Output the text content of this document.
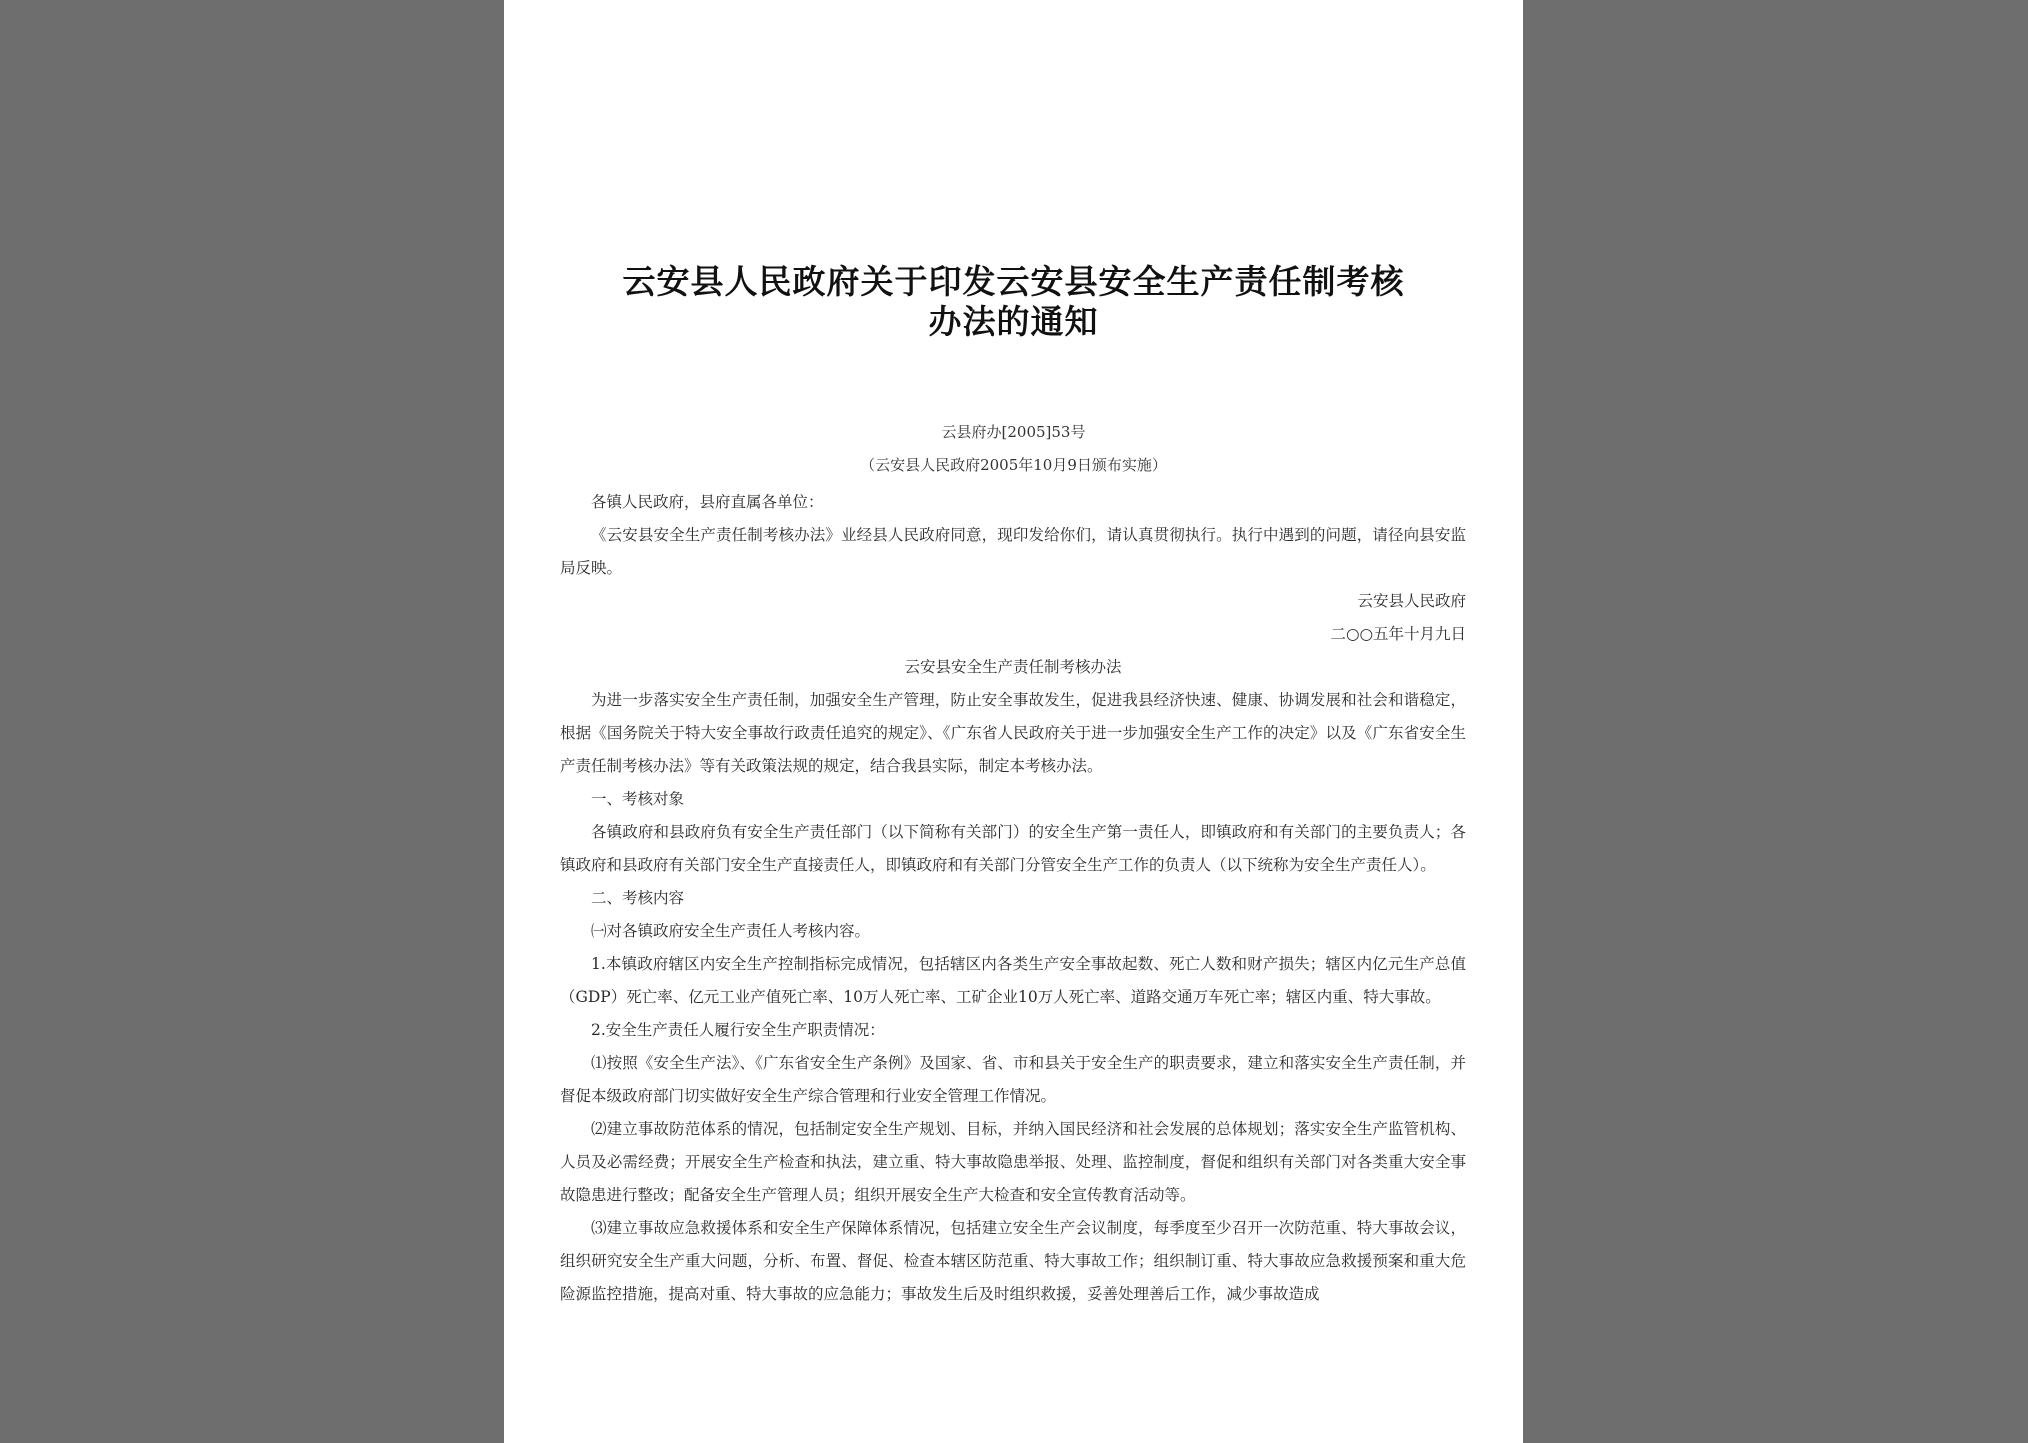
云安县人民政府关于印发云安县安全生产责任制考核
办法的通知
云县府办[2005]53号
（云安县人民政府2005年10月9日颁布实施）

各镇人民政府，县府直属各单位：

《云安县安全生产责任制考核办法》业经县人民政府同意，现印发给你们，请认真贯彻执行。执行中遇到的问题，请径向县安监局反映。

云安县人民政府

二○○五年十月九日

云安县安全生产责任制考核办法

为进一步落实安全生产责任制，加强安全生产管理，防止安全事故发生，促进我县经济快速、健康、协调发展和社会和谐稳定，根据《国务院关于特大安全事故行政责任追究的规定》、《广东省人民政府关于进一步加强安全生产工作的决定》以及《广东省安全生产责任制考核办法》等有关政策法规的规定，结合我县实际，制定本考核办法。

一、考核对象

各镇政府和县政府负有安全生产责任部门（以下简称有关部门）的安全生产第一责任人，即镇政府和有关部门的主要负责人；各镇政府和县政府有关部门安全生产直接责任人，即镇政府和有关部门分管安全生产工作的负责人（以下统称为安全生产责任人）。

二、考核内容

㈠对各镇政府安全生产责任人考核内容。

1.本镇政府辖区内安全生产控制指标完成情况，包括辖区内各类生产安全事故起数、死亡人数和财产损失；辖区内亿元生产总值（GDP）死亡率、亿元工业产值死亡率、10万人死亡率、工矿企业10万人死亡率、道路交通万车死亡率；辖区内重、特大事故。

2.安全生产责任人履行安全生产职责情况：

⑴按照《安全生产法》、《广东省安全生产条例》及国家、省、市和县关于安全生产的职责要求，建立和落实安全生产责任制，并督促本级政府部门切实做好安全生产综合管理和行业安全管理工作情况。

⑵建立事故防范体系的情况，包括制定安全生产规划、目标，并纳入国民经济和社会发展的总体规划；落实安全生产监管机构、人员及必需经费；开展安全生产检查和执法，建立重、特大事故隐患举报、处理、监控制度，督促和组织有关部门对各类重大安全事故隐患进行整改；配备安全生产管理人员；组织开展安全生产大检查和安全宣传教育活动等。

⑶建立事故应急救援体系和安全生产保障体系情况，包括建立安全生产会议制度，每季度至少召开一次防范重、特大事故会议，组织研究安全生产重大问题，分析、布置、督促、检查本辖区防范重、特大事故工作；组织制订重、特大事故应急救援预案和重大危险源监控措施，提高对重、特大事故的应急能力；事故发生后及时组织救援，妥善处理善后工作，减少事故造成
